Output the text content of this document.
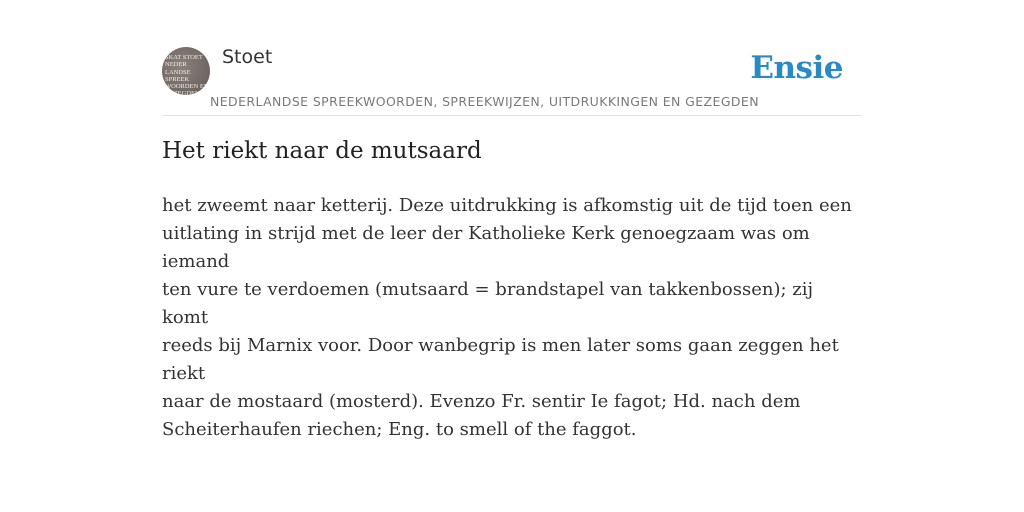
SKAT STOET
NEDER
LANDSE
SPREEK
WOORDEN EN
GEZEGDEN
Stoet	Ensie
NEDERLANDSE SPREEKWOORDEN, SPREEKWIJZEN, UITDRUKKINGEN EN GEZEGDEN
Het riekt naar de mutsaard

het zweemt naar ketterij. Deze uitdrukking is afkomstig uit de tijd toen een
uitlating in strijd met de leer der Katholieke Kerk genoegzaam was om iemand
ten vure te verdoemen (mutsaard = brandstapel van takkenbossen); zij komt
reeds bij Marnix voor. Door wanbegrip is men later soms gaan zeggen het riekt
naar de mostaard (mosterd). Evenzo Fr. sentir Ie fagot; Hd. nach dem
Scheiterhaufen riechen; Eng. to smell of the faggot.
